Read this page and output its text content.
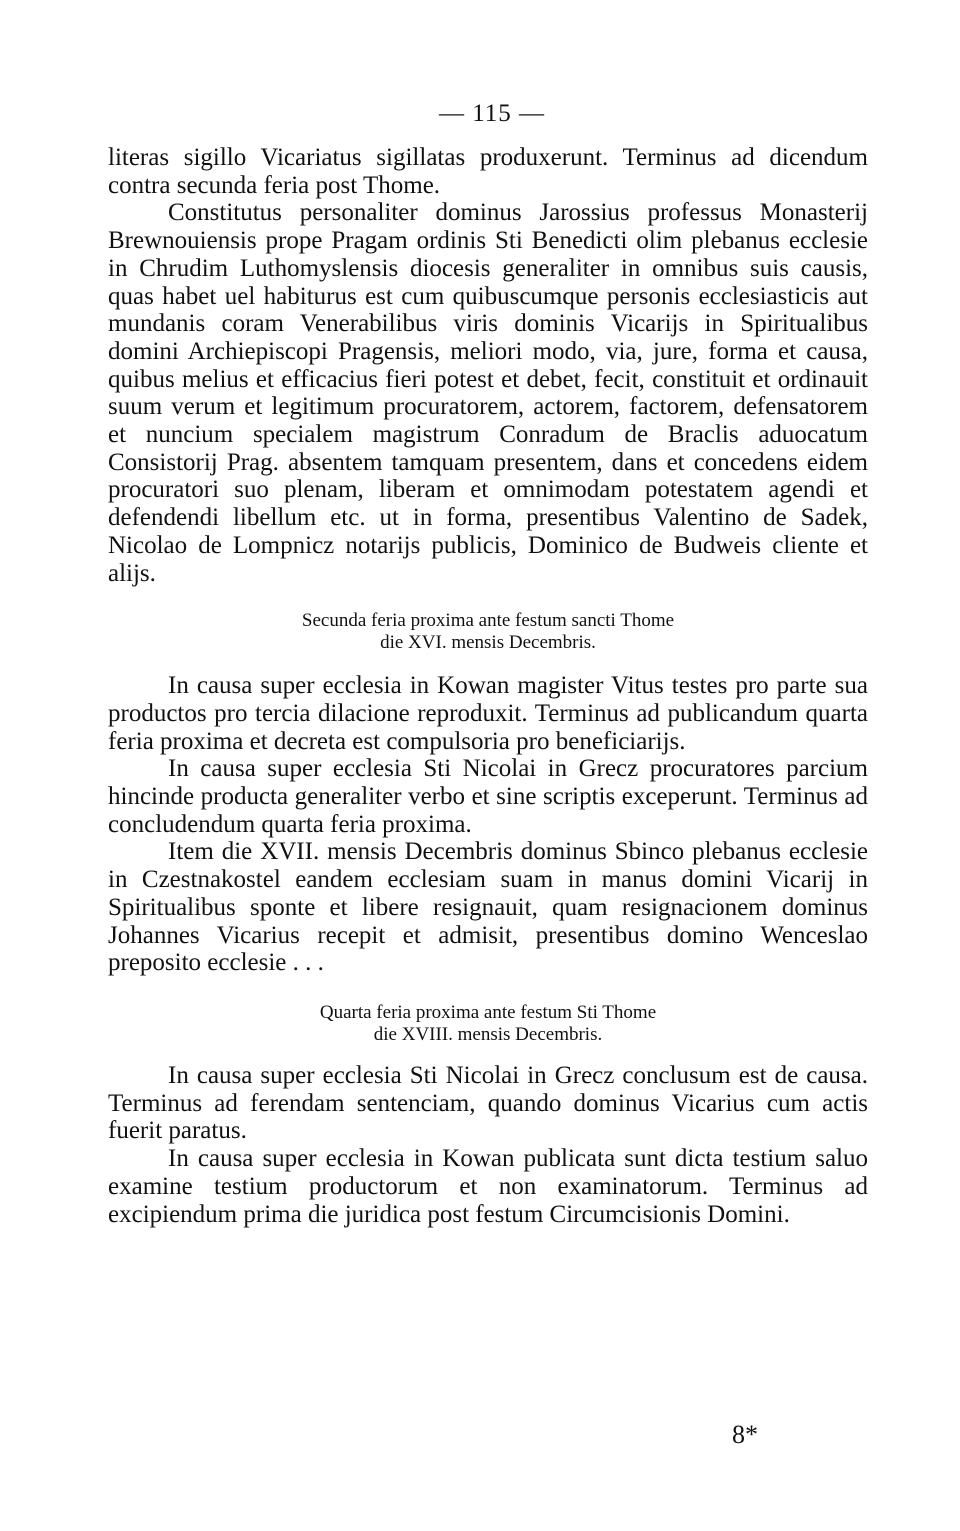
— 115 —

literas sigillo Vicariatus sigillatas produxerunt. Terminus ad dicendum contra secunda feria post Thome.

Constitutus personaliter dominus Jarossius professus Monasterij Brewnouiensis prope Pragam ordinis Sti Benedicti olim plebanus ecclesie in Chrudim Luthomyslensis diocesis generaliter in omnibus suis causis, quas habet uel habiturus est cum quibuscumque personis ecclesiasticis aut mundanis coram Venerabilibus viris dominis Vicarijs in Spiritualibus domini Archiepiscopi Pragensis, meliori modo, via, jure, forma et causa, quibus melius et efficacius fieri potest et debet, fecit, constituit et ordinauit suum verum et legitimum procuratorem, actorem, factorem, defensatorem et nuncium specialem magistrum Conradum de Braclis aduocatum Consistorij Prag. absentem tamquam presentem, dans et concedens eidem procuratori suo plenam, liberam et omnimodam potestatem agendi et defendendi libellum etc. ut in forma, presentibus Valentino de Sadek, Nicolao de Lompnicz notarijs publicis, Dominico de Budweis cliente et alijs.

Secunda feria proxima ante festum sancti Thome
die XVI. mensis Decembris.

In causa super ecclesia in Kowan magister Vitus testes pro parte sua productos pro tercia dilacione reproduxit. Terminus ad publicandum quarta feria proxima et decreta est compulsoria pro beneficiarijs.

In causa super ecclesia Sti Nicolai in Grecz procuratores parcium hincinde producta generaliter verbo et sine scriptis exceperunt. Terminus ad concludendum quarta feria proxima.

Item die XVII. mensis Decembris dominus Sbinco plebanus ecclesie in Czestnakostel eandem ecclesiam suam in manus domini Vicarij in Spiritualibus sponte et libere resignauit, quam resignacionem dominus Johannes Vicarius recepit et admisit, presentibus domino Wenceslao preposito ecclesie . . .

Quarta feria proxima ante festum Sti Thome
die XVIII. mensis Decembris.

In causa super ecclesia Sti Nicolai in Grecz conclusum est de causa. Terminus ad ferendam sentenciam, quando dominus Vicarius cum actis fuerit paratus.

In causa super ecclesia in Kowan publicata sunt dicta testium saluo examine testium productorum et non examinatorum. Terminus ad excipiendum prima die juridica post festum Circumcisionis Domini.

8*
